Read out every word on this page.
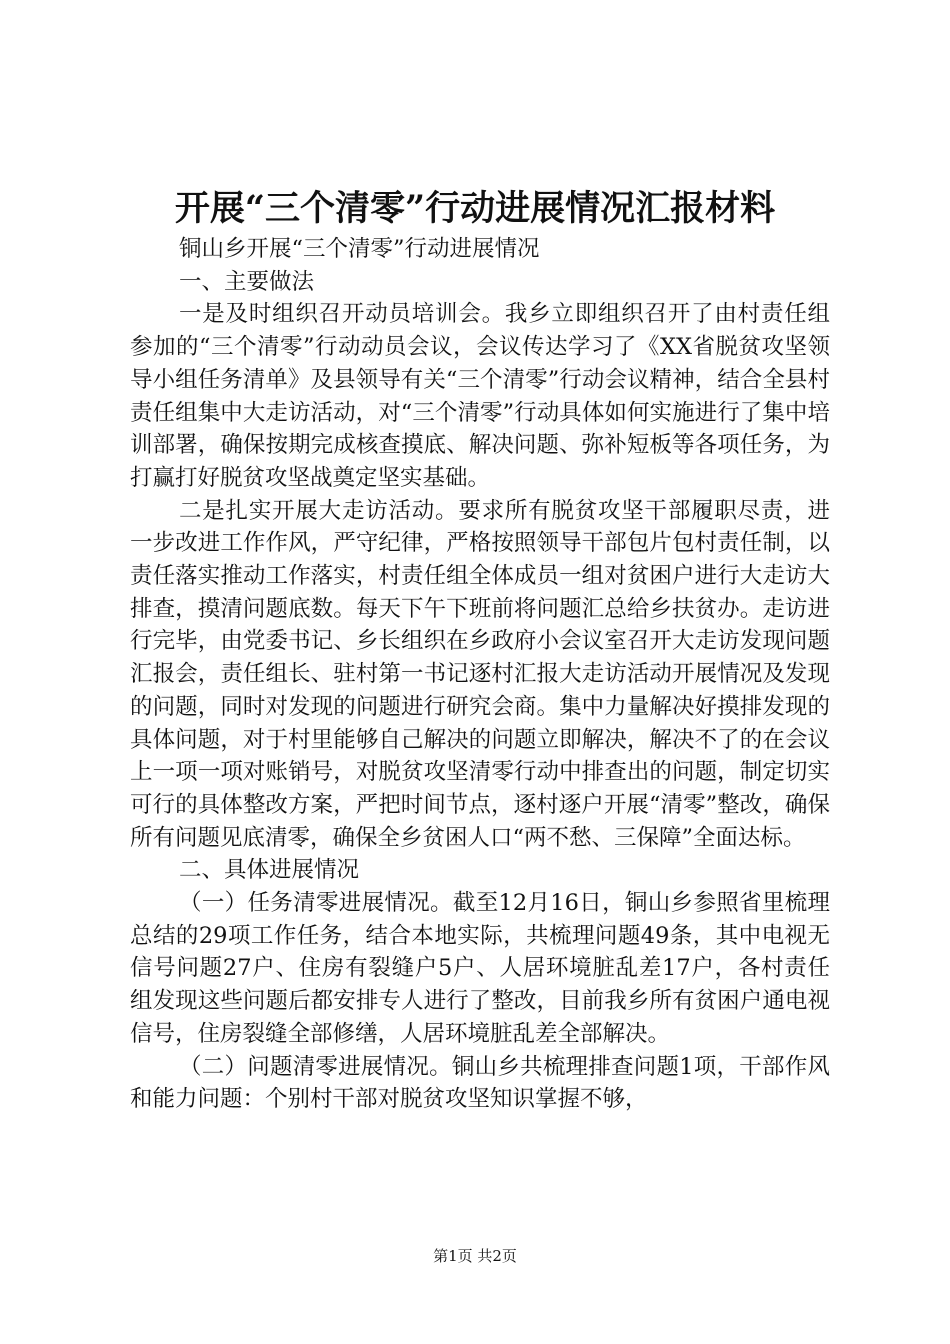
开展“三个清零”行动进展情况汇报材料

铜山乡开展“三个清零”行动进展情况

一、主要做法

一是及时组织召开动员培训会。我乡立即组织召开了由村责任组参加的“三个清零”行动动员会议，会议传达学习了《XX省脱贫攻坚领导小组任务清单》及县领导有关“三个清零”行动会议精神，结合全县村责任组集中大走访活动，对“三个清零”行动具体如何实施进行了集中培训部署，确保按期完成核查摸底、解决问题、弥补短板等各项任务，为打赢打好脱贫攻坚战奠定坚实基础。

二是扎实开展大走访活动。要求所有脱贫攻坚干部履职尽责，进一步改进工作作风，严守纪律，严格按照领导干部包片包村责任制，以责任落实推动工作落实，村责任组全体成员一组对贫困户进行大走访大排查，摸清问题底数。每天下午下班前将问题汇总给乡扶贫办。走访进行完毕，由党委书记、乡长组织在乡政府小会议室召开大走访发现问题汇报会，责任组长、驻村第一书记逐村汇报大走访活动开展情况及发现的问题，同时对发现的问题进行研究会商。集中力量解决好摸排发现的具体问题，对于村里能够自己解决的问题立即解决，解决不了的在会议上一项一项对账销号，对脱贫攻坚清零行动中排查出的问题，制定切实可行的具体整改方案，严把时间节点，逐村逐户开展“清零”整改，确保所有问题见底清零，确保全乡贫困人口“两不愁、三保障”全面达标。

二、具体进展情况

（一）任务清零进展情况。截至12月16日，铜山乡参照省里梳理总结的29项工作任务，结合本地实际，共梳理问题49条，其中电视无信号问题27户、住房有裂缝户5户、人居环境脏乱差17户，各村责任组发现这些问题后都安排专人进行了整改，目前我乡所有贫困户通电视信号，住房裂缝全部修缮，人居环境脏乱差全部解决。

（二）问题清零进展情况。铜山乡共梳理排查问题1项，干部作风和能力问题：个别村干部对脱贫攻坚知识掌握不够，

第1页 共2页
